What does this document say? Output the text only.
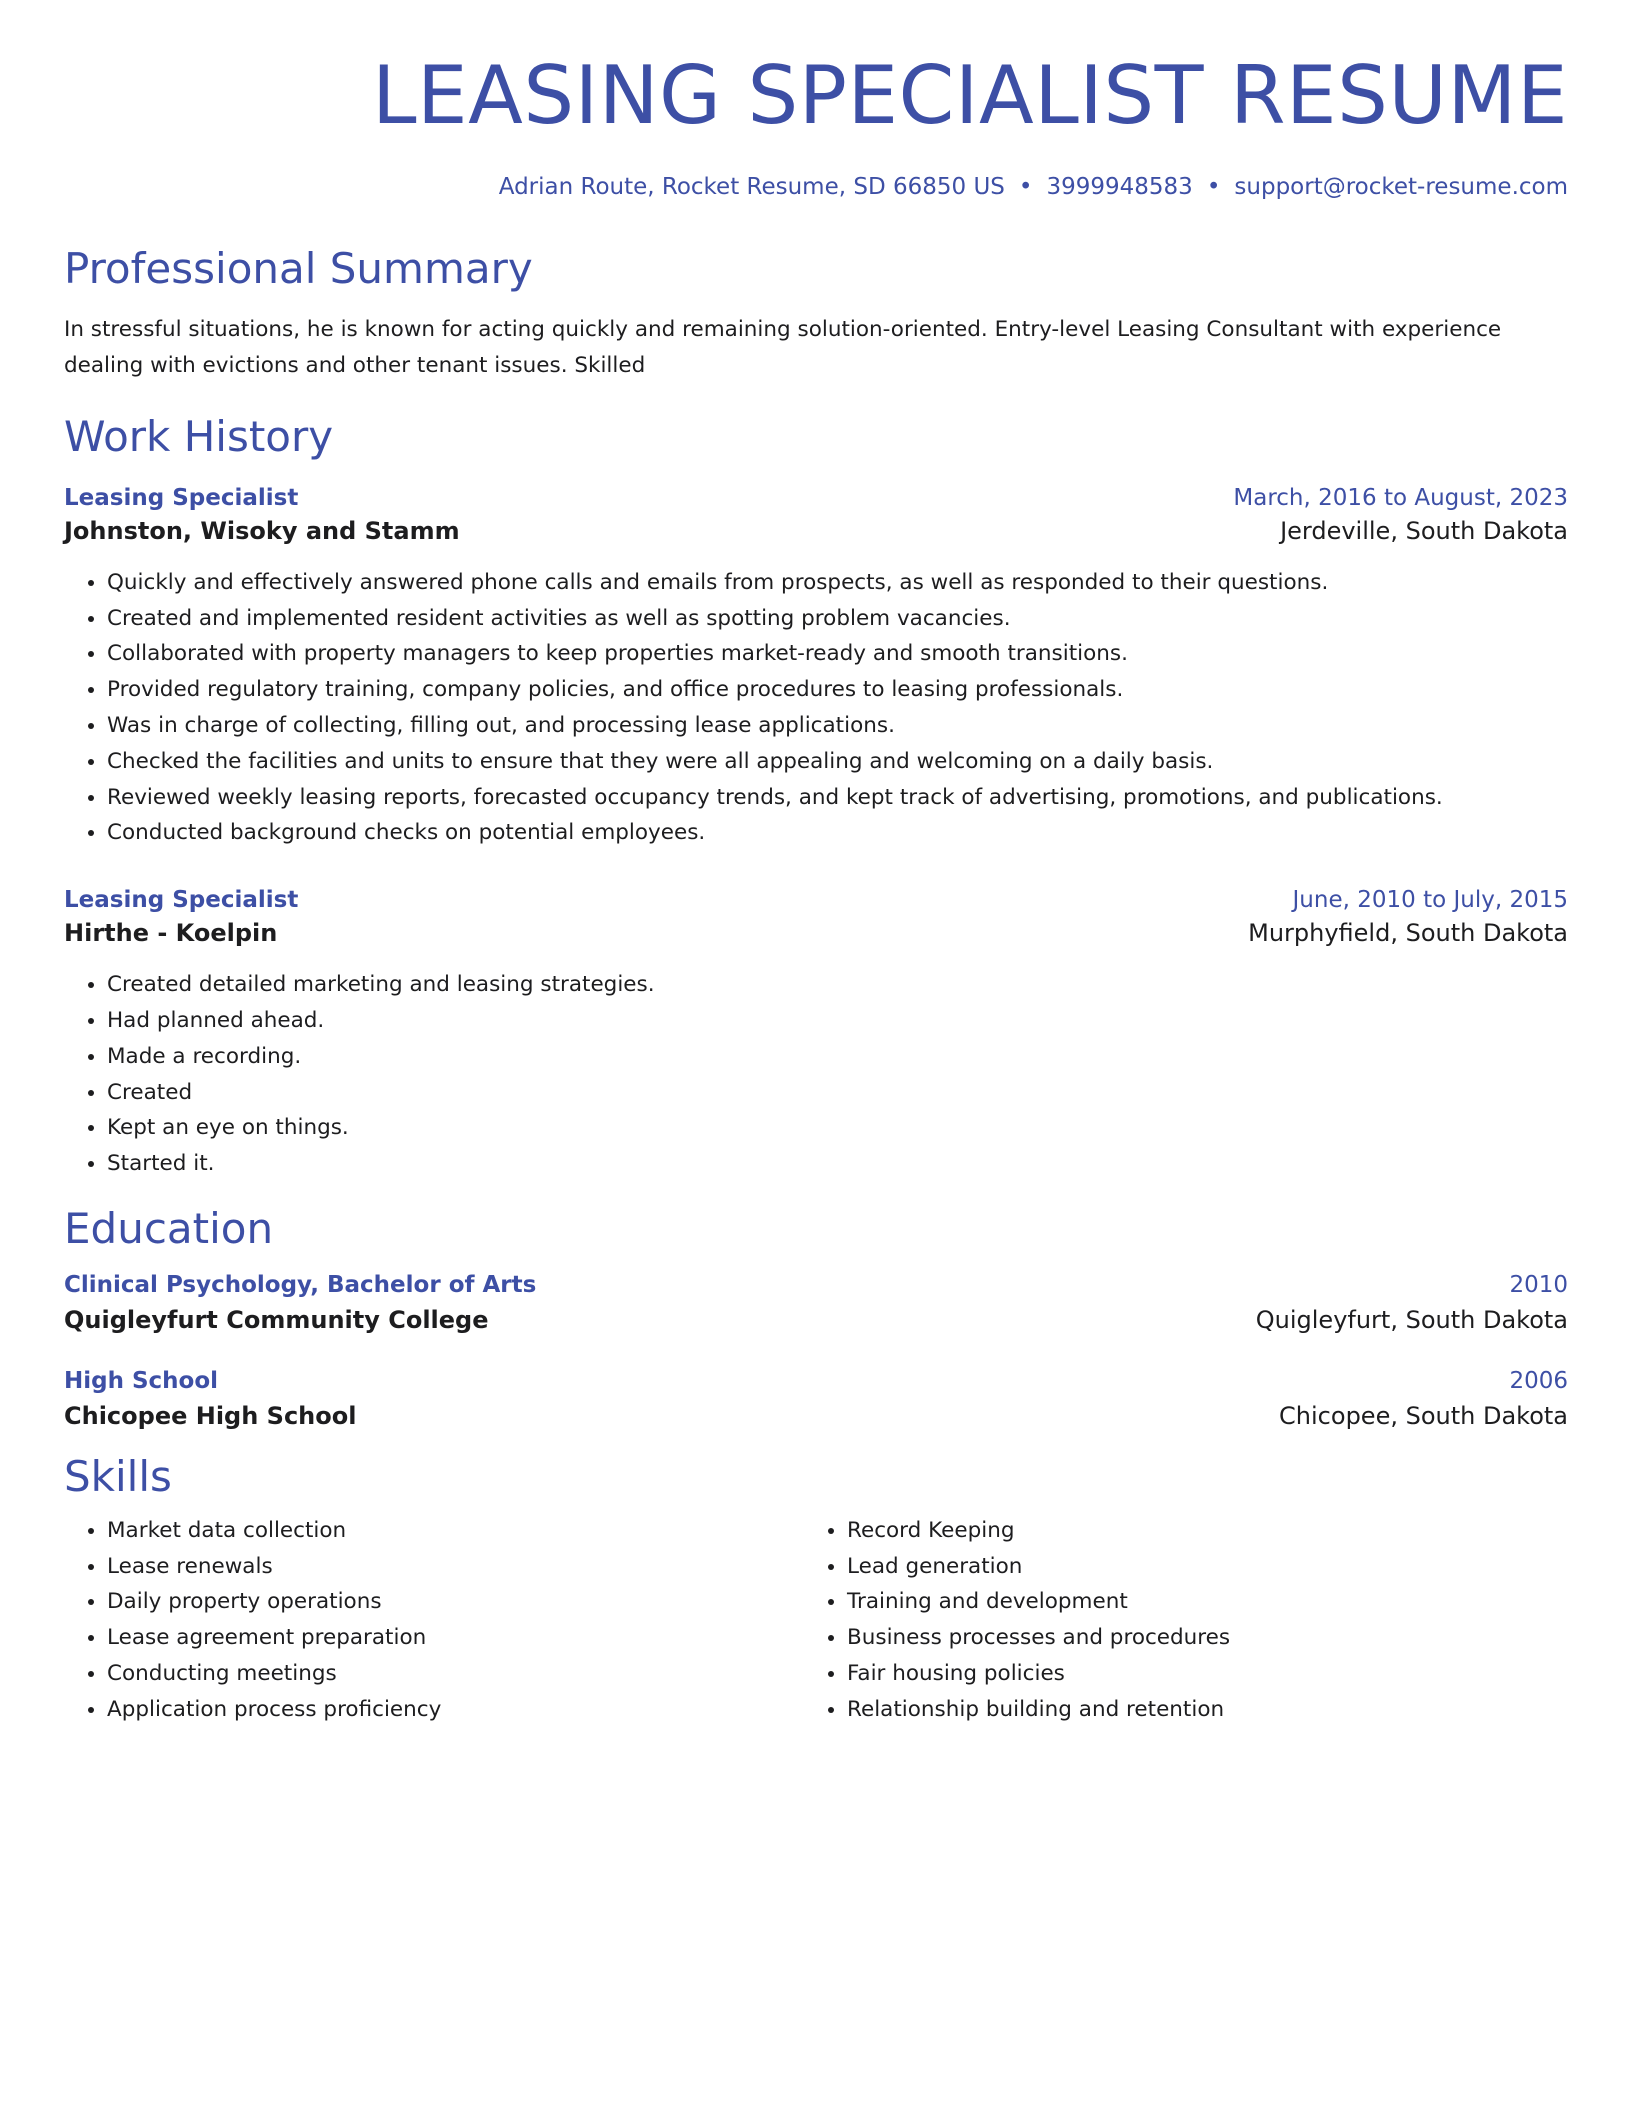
LEASING SPECIALIST RESUME
Adrian Route, Rocket Resume, SD 66850 US • 3999948583 • support@rocket-resume.com
Professional Summary
In stressful situations, he is known for acting quickly and remaining solution-oriented. Entry-level Leasing Consultant with experience dealing with evictions and other tenant issues. Skilled
Work History
Leasing Specialist	March, 2016 to August, 2023
Johnston, Wisoky and Stamm	Jerdeville, South Dakota
• Quickly and effectively answered phone calls and emails from prospects, as well as responded to their questions.
• Created and implemented resident activities as well as spotting problem vacancies.
• Collaborated with property managers to keep properties market-ready and smooth transitions.
• Provided regulatory training, company policies, and office procedures to leasing professionals.
• Was in charge of collecting, filling out, and processing lease applications.
• Checked the facilities and units to ensure that they were all appealing and welcoming on a daily basis.
• Reviewed weekly leasing reports, forecasted occupancy trends, and kept track of advertising, promotions, and publications.
• Conducted background checks on potential employees.
Leasing Specialist	June, 2010 to July, 2015
Hirthe - Koelpin	Murphyfield, South Dakota
• Created detailed marketing and leasing strategies.
• Had planned ahead.
• Made a recording.
• Created
• Kept an eye on things.
• Started it.
Education
Clinical Psychology, Bachelor of Arts	2010
Quigleyfurt Community College	Quigleyfurt, South Dakota
High School	2006
Chicopee High School	Chicopee, South Dakota
Skills
• Market data collection
• Lease renewals
• Daily property operations
• Lease agreement preparation
• Conducting meetings
• Application process proficiency
• Record Keeping
• Lead generation
• Training and development
• Business processes and procedures
• Fair housing policies
• Relationship building and retention
